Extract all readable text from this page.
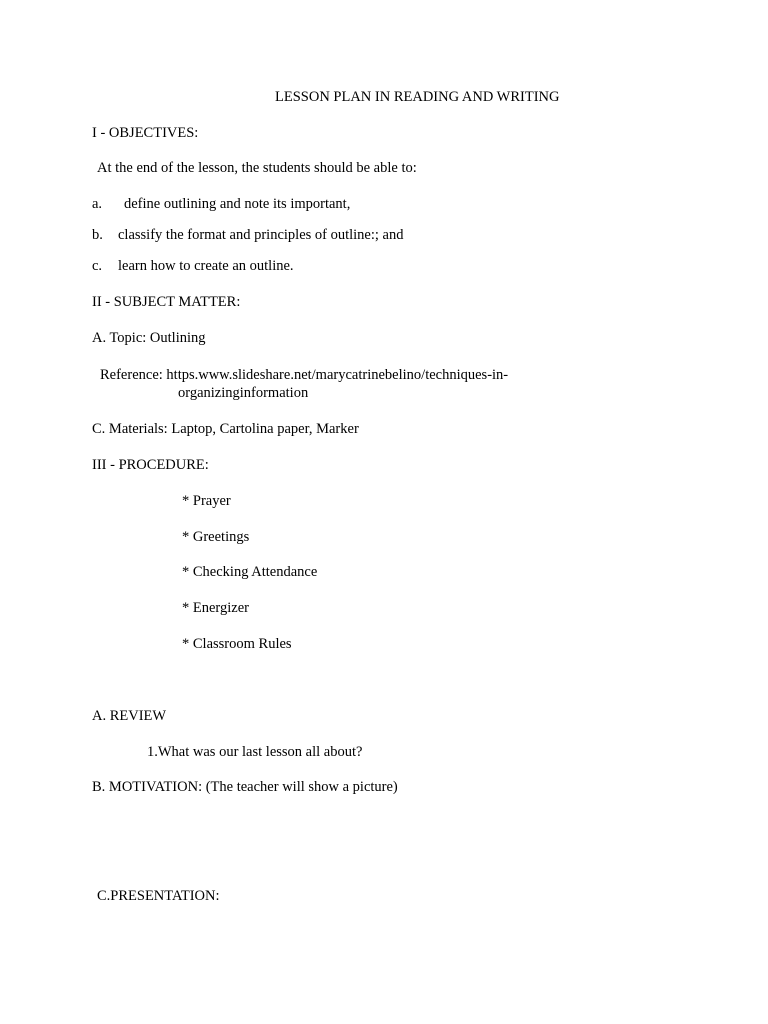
LESSON PLAN IN READING AND WRITING
I - OBJECTIVES:
At the end of the lesson, the students should be able to:
a. define outlining and note its important,
b. classify the format and principles of outline:; and
c. learn how to create an outline.
II - SUBJECT MATTER:
A. Topic: Outlining
Reference: https.www.slideshare.net/marycatrinebelino/techniques-in-
organizinginformation
C. Materials: Laptop, Cartolina paper, Marker
III - PROCEDURE:
* Prayer
* Greetings
* Checking Attendance
* Energizer
* Classroom Rules
A. REVIEW
1.What was our last lesson all about?
B. MOTIVATION: (The teacher will show a picture)
C.PRESENTATION:
